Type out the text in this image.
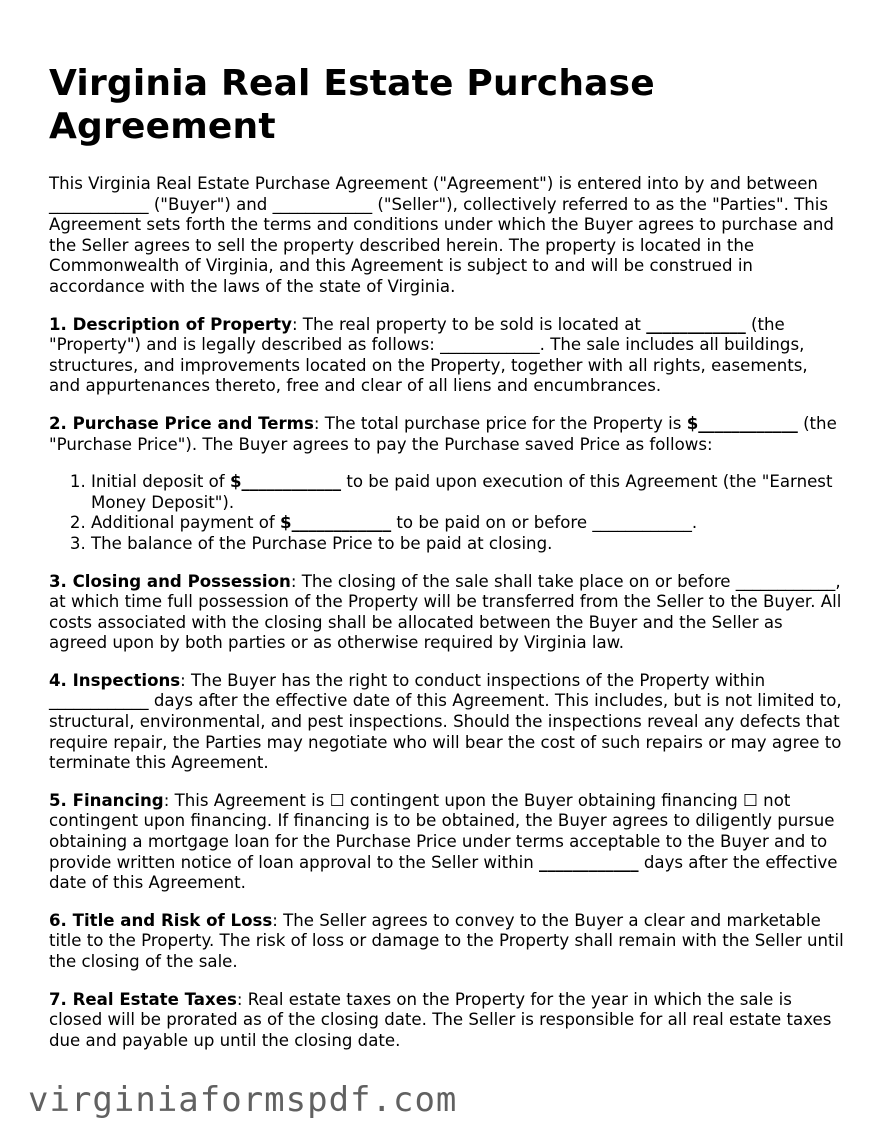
Virginia Real Estate Purchase Agreement

This Virginia Real Estate Purchase Agreement ("Agreement") is entered into by and between ____________ ("Buyer") and ____________ ("Seller"), collectively referred to as the "Parties". This Agreement sets forth the terms and conditions under which the Buyer agrees to purchase and the Seller agrees to sell the property described herein. The property is located in the Commonwealth of Virginia, and this Agreement is subject to and will be construed in accordance with the laws of the state of Virginia.

1. Description of Property: The real property to be sold is located at ____________ (the "Property") and is legally described as follows: ____________. The sale includes all buildings, structures, and improvements located on the Property, together with all rights, easements, and appurtenances thereto, free and clear of all liens and encumbrances.

2. Purchase Price and Terms: The total purchase price for the Property is $____________ (the "Purchase Price"). The Buyer agrees to pay the Purchase saved Price as follows:

1. Initial deposit of $____________ to be paid upon execution of this Agreement (the "Earnest Money Deposit").
2. Additional payment of $____________ to be paid on or before ____________.
3. The balance of the Purchase Price to be paid at closing.

3. Closing and Possession: The closing of the sale shall take place on or before ____________, at which time full possession of the Property will be transferred from the Seller to the Buyer. All costs associated with the closing shall be allocated between the Buyer and the Seller as agreed upon by both parties or as otherwise required by Virginia law.

4. Inspections: The Buyer has the right to conduct inspections of the Property within ____________ days after the effective date of this Agreement. This includes, but is not limited to, structural, environmental, and pest inspections. Should the inspections reveal any defects that require repair, the Parties may negotiate who will bear the cost of such repairs or may agree to terminate this Agreement.

5. Financing: This Agreement is ☐ contingent upon the Buyer obtaining financing ☐ not contingent upon financing. If financing is to be obtained, the Buyer agrees to diligently pursue obtaining a mortgage loan for the Purchase Price under terms acceptable to the Buyer and to provide written notice of loan approval to the Seller within ____________ days after the effective date of this Agreement.

6. Title and Risk of Loss: The Seller agrees to convey to the Buyer a clear and marketable title to the Property. The risk of loss or damage to the Property shall remain with the Seller until the closing of the sale.

7. Real Estate Taxes: Real estate taxes on the Property for the year in which the sale is closed will be prorated as of the closing date. The Seller is responsible for all real estate taxes due and payable up until the closing date.

virginiaformspdf.com
